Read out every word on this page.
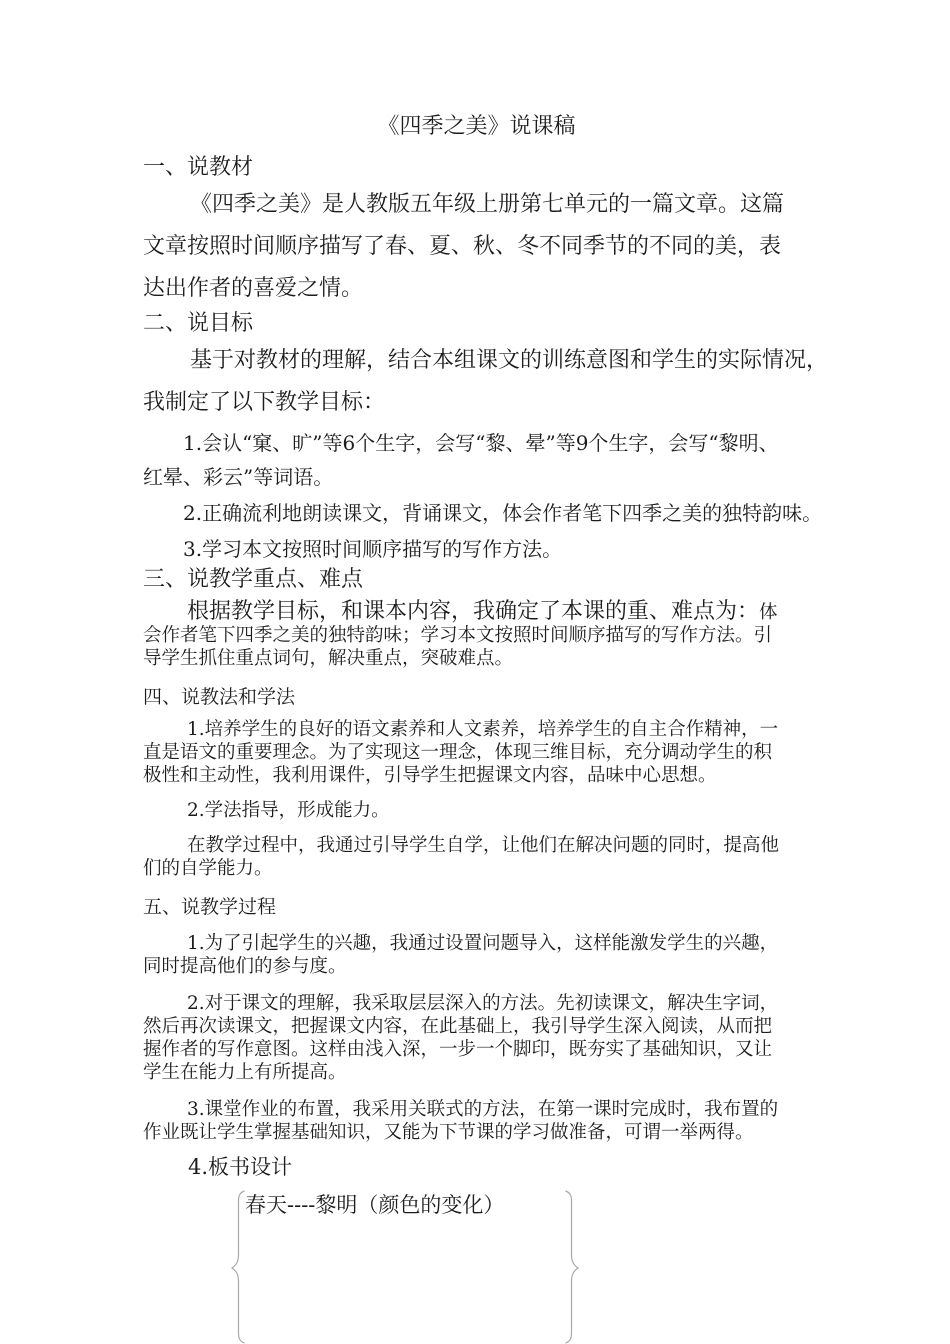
《四季之美》说课稿
一、说教材
《四季之美》是人教版五年级上册第七单元的一篇文章。这篇
文章按照时间顺序描写了春、夏、秋、冬不同季节的不同的美，表
达出作者的喜爱之情。
二、说目标
基于对教材的理解，结合本组课文的训练意图和学生的实际情况，
我制定了以下教学目标：
1.会认“窠、旷”等6个生字，会写“黎、晕”等9个生字，会写“黎明、
红晕、彩云”等词语。
2.正确流利地朗读课文，背诵课文，体会作者笔下四季之美的独特韵味。
3.学习本文按照时间顺序描写的写作方法。
三、说教学重点、难点
根据教学目标，和课本内容，我确定了本课的重、难点为：体
会作者笔下四季之美的独特韵味；学习本文按照时间顺序描写的写作方法。引
导学生抓住重点词句，解决重点，突破难点。
四、说教法和学法
1.培养学生的良好的语文素养和人文素养，培养学生的自主合作精神，一
直是语文的重要理念。为了实现这一理念，体现三维目标，充分调动学生的积
极性和主动性，我利用课件，引导学生把握课文内容，品味中心思想。
2.学法指导，形成能力。
在教学过程中，我通过引导学生自学，让他们在解决问题的同时，提高他
们的自学能力。
五、说教学过程
1.为了引起学生的兴趣，我通过设置问题导入，这样能激发学生的兴趣，
同时提高他们的参与度。
2.对于课文的理解，我采取层层深入的方法。先初读课文，解决生字词，
然后再次读课文，把握课文内容，在此基础上，我引导学生深入阅读，从而把
握作者的写作意图。这样由浅入深，一步一个脚印，既夯实了基础知识，又让
学生在能力上有所提高。
3.课堂作业的布置，我采用关联式的方法，在第一课时完成时，我布置的
作业既让学生掌握基础知识，又能为下节课的学习做准备，可谓一举两得。
4.板书设计
春天----黎明（颜色的变化）
